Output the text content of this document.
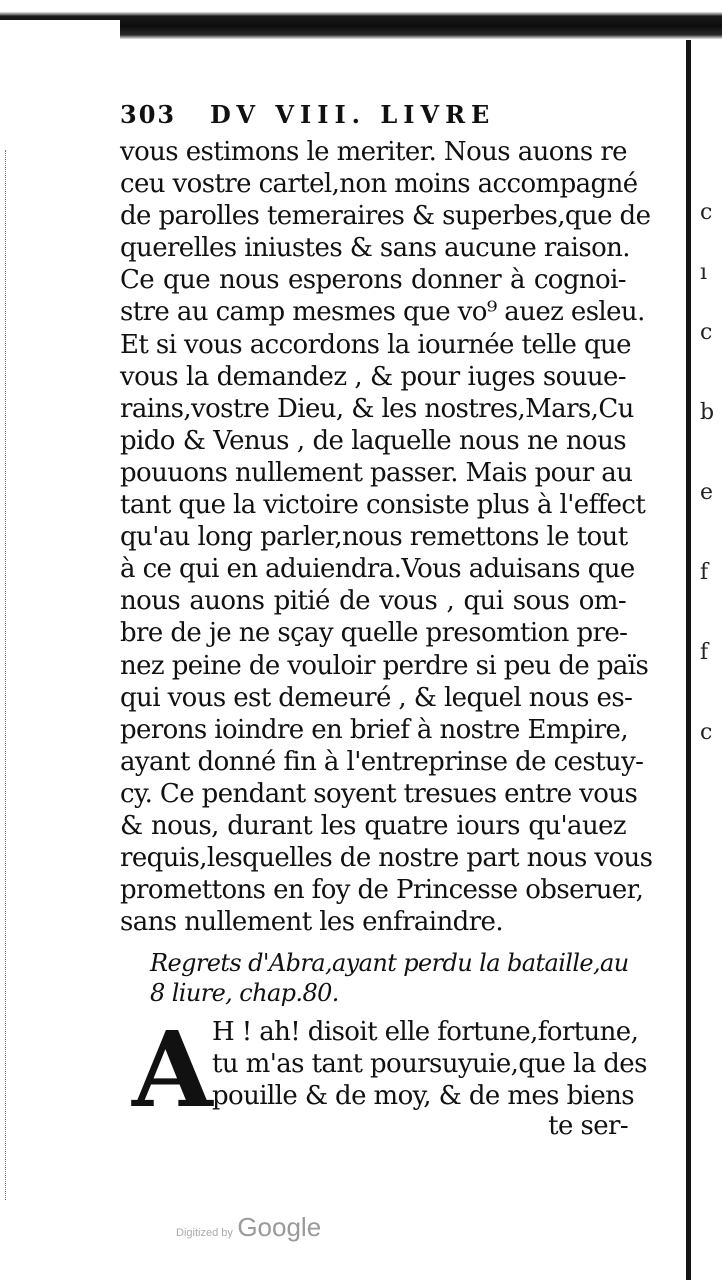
c
ı
c
b
e
f
f
c
303	DV VIII. LIVRE
vous estimons le meriter. Nous auons re
ceu vostre cartel,non moins accompagné
de parolles temeraires & superbes,que de
querelles iniustes & sans aucune raison.
Ce que nous esperons donner à cognoi-
stre au camp mesmes que vo⁹ auez esleu.
Et si vous accordons la iournée telle que
vous la demandez , & pour iuges souue-
rains,vostre Dieu, & les nostres,Mars,Cu
pido & Venus , de laquelle nous ne nous
pouuons nullement passer. Mais pour au
tant que la victoire consiste plus à l'effect
qu'au long parler,nous remettons le tout
à ce qui en aduiendra.Vous aduisans que
nous auons pitié de vous , qui sous om-
bre de je ne sçay quelle presomtion pre-
nez peine de vouloir perdre si peu de païs
qui vous est demeuré , & lequel nous es-
perons ioindre en brief à nostre Empire,
ayant donné fin à l'entreprinse de cestuy-
cy. Ce pendant soyent tresues entre vous
& nous, durant les quatre iours qu'auez
requis,lesquelles de nostre part nous vous
promettons en foy de Princesse obseruer,
sans nullement les enfraindre.
Regrets d'Abra,ayant perdu la bataille,au
8 liure, chap.80.
A H ! ah! disoit elle fortune,fortune,
tu m'as tant poursuyuie,que la des
pouille & de moy, & de mes biens
te ser-
Digitized by Google
